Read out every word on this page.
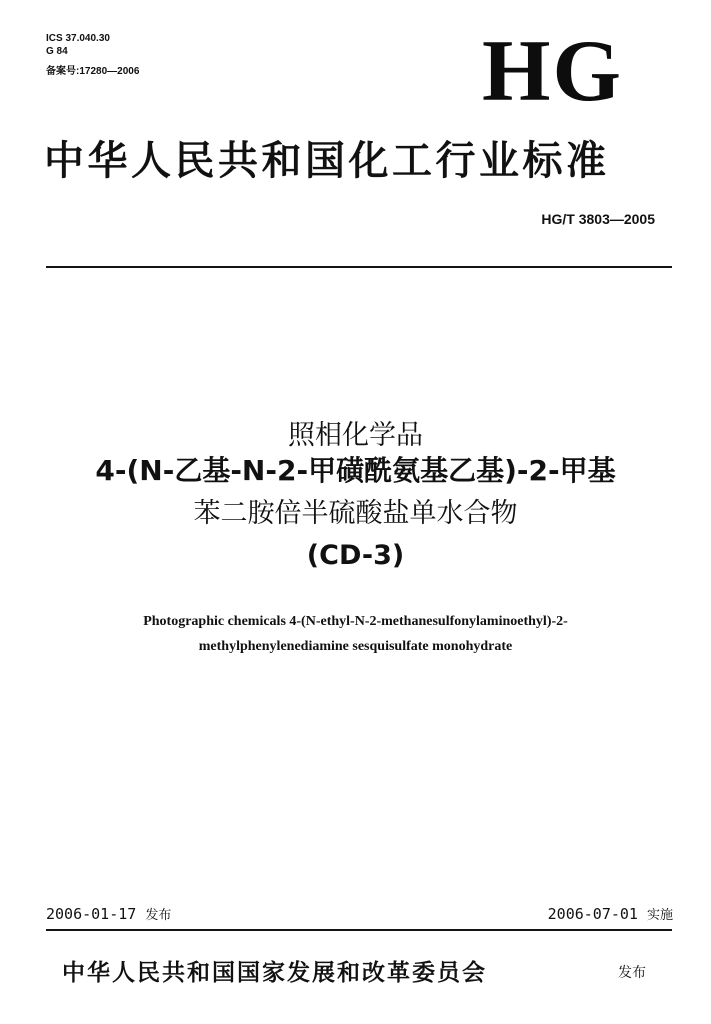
ICS 37.040.30
G 84
备案号:17280—2006	HG
中华人民共和国化工行业标准
HG/T 3803—2005
照相化学品
4-(N-乙基-N-2-甲磺酰氨基乙基)-2-甲基
苯二胺倍半硫酸盐单水合物
(CD-3)
Photographic chemicals 4-(N-ethyl-N-2-methanesulfonylaminoethyl)-2-
methylphenylenediamine sesquisulfate monohydrate
2006-01-17 发布	2006-07-01 实施
中华人民共和国国家发展和改革委员会	发布
